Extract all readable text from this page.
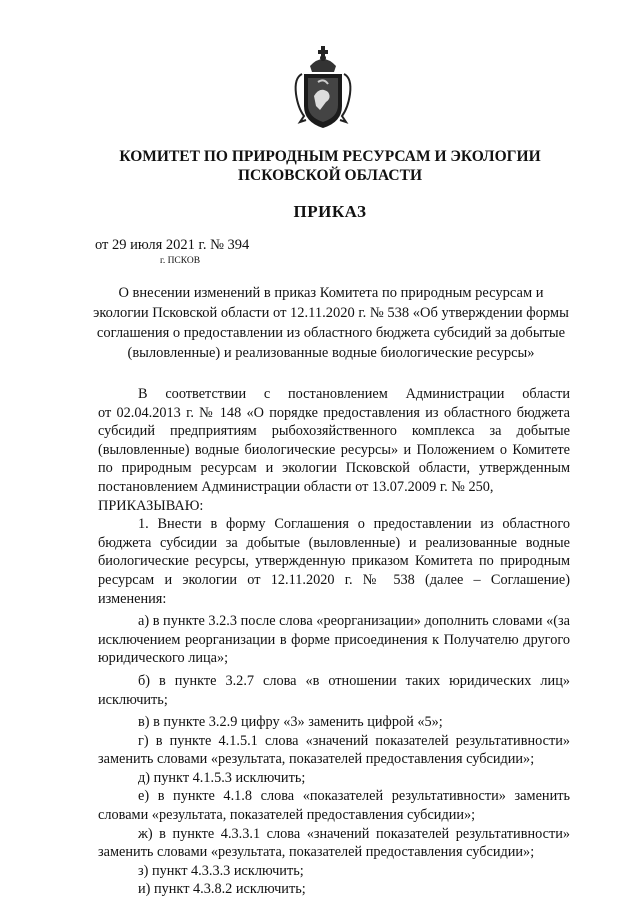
КОМИТЕТ ПО ПРИРОДНЫМ РЕСУРСАМ И ЭКОЛОГИИ
ПСКОВСКОЙ ОБЛАСТИ
ПРИКАЗ
от 29 июля 2021 г. № 394
г. ПСКОВ
О внесении изменений в приказ Комитета по природным ресурсам и
экологии Псковской области от 12.11.2020 г. № 538 «Об утверждении формы
соглашения о предоставлении из областного бюджета субсидий за добытые
(выловленные) и реализованные водные биологические ресурсы»
В соответствии с постановлением Администрации области
от 02.04.2013 г. № 148 «О порядке предоставления из областного бюджета
субсидий предприятиям рыбохозяйственного комплекса за добытые
(выловленные) водные биологические ресурсы» и Положением о Комитете
по природным ресурсам и экологии Псковской области, утвержденным
постановлением Администрации области от 13.07.2009 г. № 250,
ПРИКАЗЫВАЮ:
1. Внести в форму Соглашения о предоставлении из областного
бюджета субсидии за добытые (выловленные) и реализованные водные
биологические ресурсы, утвержденную приказом Комитета по природным
ресурсам и экологии от 12.11.2020 г. № 538 (далее – Соглашение)
изменения:
а) в пункте 3.2.3 после слова «реорганизации» дополнить словами «(за
исключением реорганизации в форме присоединения к Получателю другого
юридического лица»;
б) в пункте 3.2.7 слова «в отношении таких юридических лиц»
исключить;
в) в пункте 3.2.9 цифру «3» заменить цифрой «5»;
г) в пункте 4.1.5.1 слова «значений показателей результативности»
заменить словами «результата, показателей предоставления субсидии»;
д) пункт 4.1.5.3 исключить;
е) в пункте 4.1.8 слова «показателей результативности» заменить
словами «результата, показателей предоставления субсидии»;
ж) в пункте 4.3.3.1 слова «значений показателей результативности»
заменить словами «результата, показателей предоставления субсидии»;
з) пункт 4.3.3.3 исключить;
и) пункт 4.3.8.2 исключить;
